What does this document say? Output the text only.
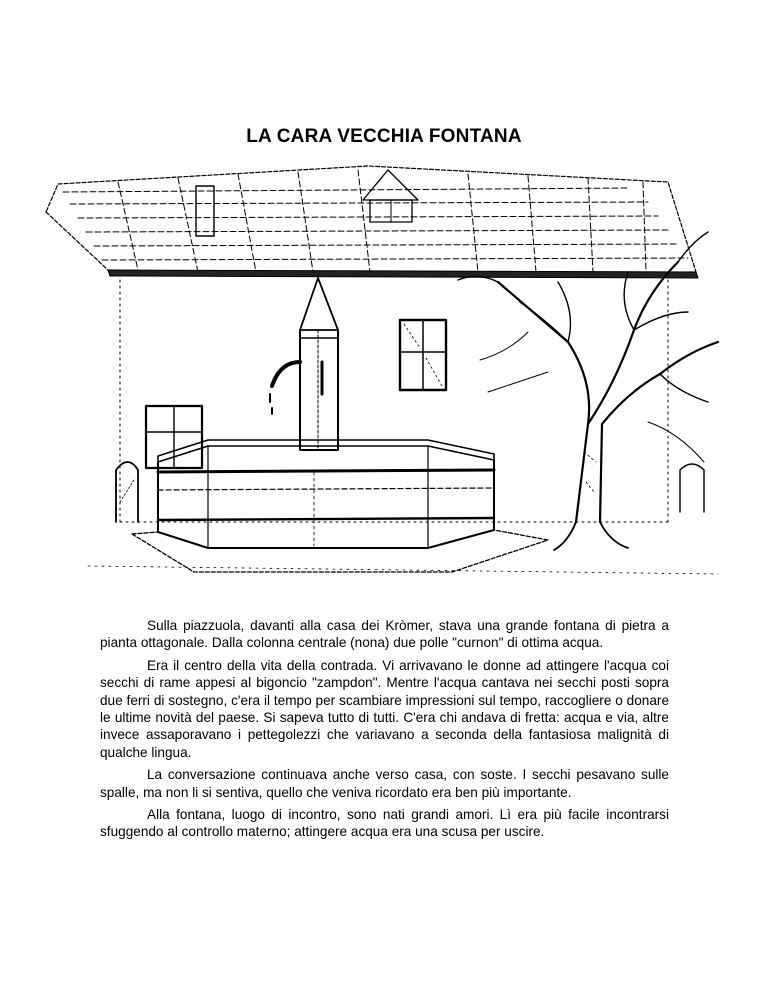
LA CARA VECCHIA FONTANA

Sulla piazzuola, davanti alla casa dei Kròmer, stava una grande fontana di pietra a pianta ottagonale. Dalla colonna centrale (nona) due polle "curnon" di ottima acqua.

Era il centro della vita della contrada. Vi arrivavano le donne ad attingere l'acqua coi secchi di rame appesi al bigoncio "zampdon". Mentre l'acqua cantava nei secchi posti sopra due ferri di sostegno, c'era il tempo per scambiare impressioni sul tempo, raccogliere o donare le ultime novità del paese. Si sapeva tutto di tutti. C'era chi andava di fretta: acqua e via, altre invece assaporavano i pettegolezzi che variavano a seconda della fantasiosa malignità di qualche lingua.

La conversazione continuava anche verso casa, con soste. I secchi pesavano sulle spalle, ma non li si sentiva, quello che veniva ricordato era ben più importante.

Alla fontana, luogo di incontro, sono nati grandi amori. Lì era più facile incontrarsi sfuggendo al controllo materno; attingere acqua era una scusa per uscire.
